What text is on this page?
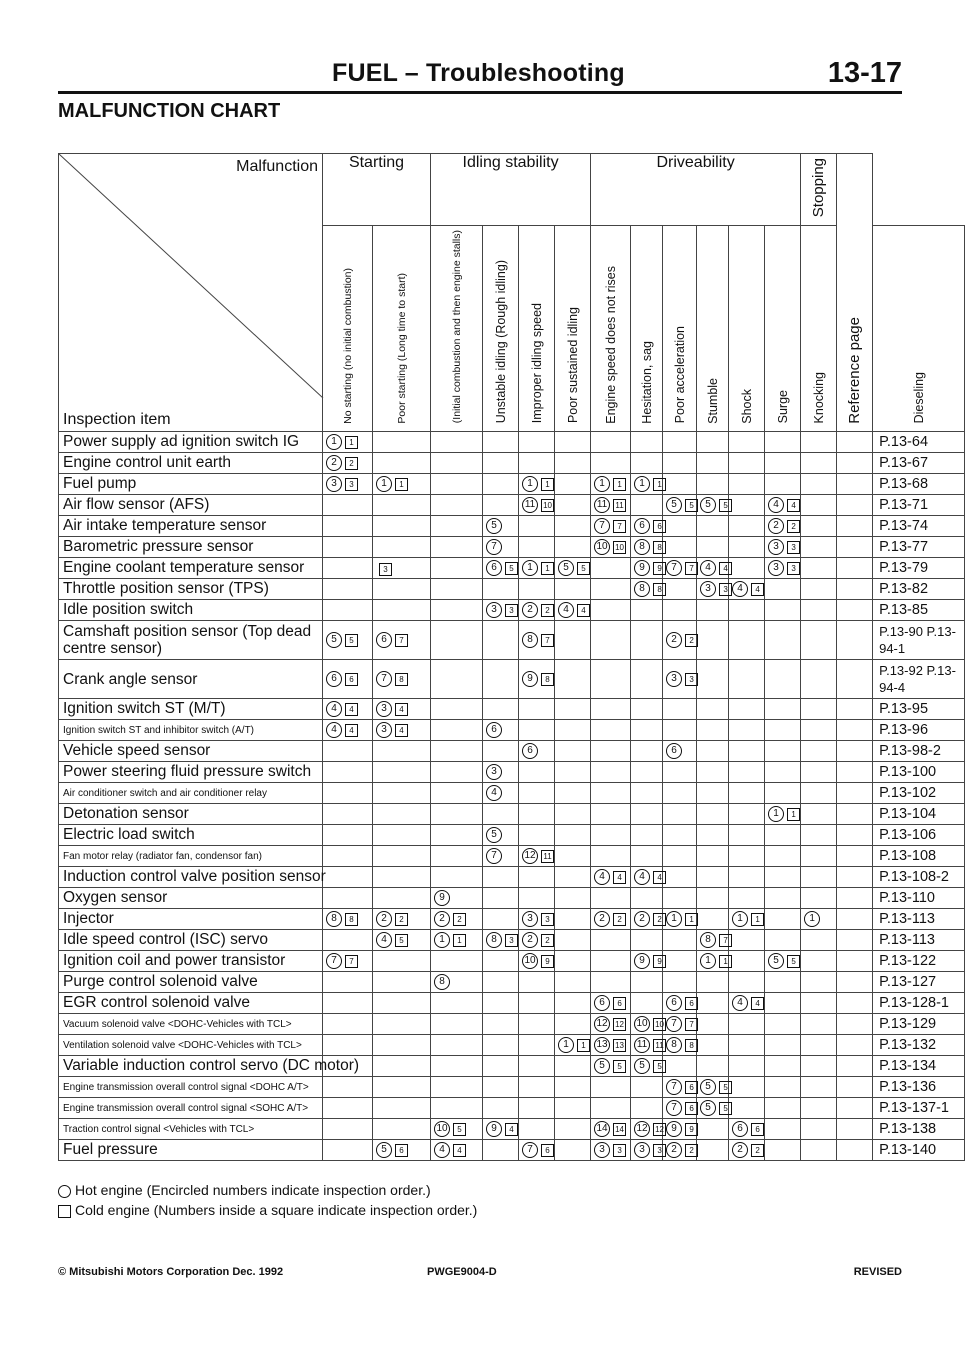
FUEL – Troubleshooting	13-17
MALFUNCTION CHART
Malfunction
Inspection item	Starting		Idling stability				Driveability						Stopping	Reference page	
	No starting (no initial combustion)	Poor starting (Long time to start)	(Initial combustion and then engine stalls)	Unstable idling (Rough idling)	Improper idling speed	Poor sustained idling	Engine speed does not rises	Hesitation, sag	Poor acceleration	Stumble	Shock	Surge	Knocking		Dieseling
Power supply ad ignition switch IG	1 1														P.13-64
Engine control unit earth	2 2														P.13-67
Fuel pump	3 3	1 1			1 1		1 1	1 1							P.13-68
Air flow sensor (AFS)					11 10		11 11		5 5	5 5		4 4			P.13-71
Air intake temperature sensor				5			7 7	6 6				2 2			P.13-74
Barometric pressure sensor				7			10 10	8 8				3 3			P.13-77
Engine coolant temperature sensor		3		6 5	1 1	5 5		9 9	7 7	4 4		3 3			P.13-79
Throttle position sensor (TPS)								8 8		3 3	4 4				P.13-82
Idle position switch				3 3	2 2	4 4									P.13-85
Camshaft position sensor (Top dead centre sensor)	5 5	6 7			8 7				2 2						P.13-90 P.13-94-1
Crank angle sensor	6 6	7 8			9 8				3 3						P.13-92 P.13-94-4
Ignition switch ST (M/T)	4 4	3 4													P.13-95
Ignition switch ST and inhibitor switch (A/T)	4 4	3 4		6											P.13-96
Vehicle speed sensor					6				6						P.13-98-2
Power steering fluid pressure switch				3											P.13-100
Air conditioner switch and air conditioner relay				4											P.13-102
Detonation sensor												1 1			P.13-104
Electric load switch				5											P.13-106
Fan motor relay (radiator fan, condensor fan)				7	12 11										P.13-108
Induction control valve position sensor							4 4	4 4							P.13-108-2
Oxygen sensor			9												P.13-110
Injector	8 8	2 2	2 2		3 3		2 2	2 2	1 1		1 1		1		P.13-113
Idle speed control (ISC) servo		4 5	1 1	8 3	2 2					8 7					P.13-113
Ignition coil and power transistor	7 7				10 9			9 9		1 1		5 5			P.13-122
Purge control solenoid valve			8												P.13-127
EGR control solenoid valve							6 6		6 6		4 4				P.13-128-1
Vacuum solenoid valve <DOHC-Vehicles with TCL>							12 12	10 10	7 7						P.13-129
Ventilation solenoid valve <DOHC-Vehicles with TCL>						1 1	13 13	11 11	8 8						P.13-132
Variable induction control servo (DC motor)							5 5	5 5							P.13-134
Engine transmission overall control signal <DOHC A/T>									7 6	5 5					P.13-136
Engine transmission overall control signal <SOHC A/T>									7 6	5 5					P.13-137-1
Traction control signal <Vehicles with TCL>			10 5	9 4			14 14	12 12	9 9		6 6				P.13-138
Fuel pressure		5 6	4 4		7 6		3 3	3 3	2 2		2 2				P.13-140
Hot engine (Encircled numbers indicate inspection order.)
Cold engine (Numbers inside a square indicate inspection order.)
© Mitsubishi Motors Corporation Dec. 1992	PWGE9004-D	REVISED
